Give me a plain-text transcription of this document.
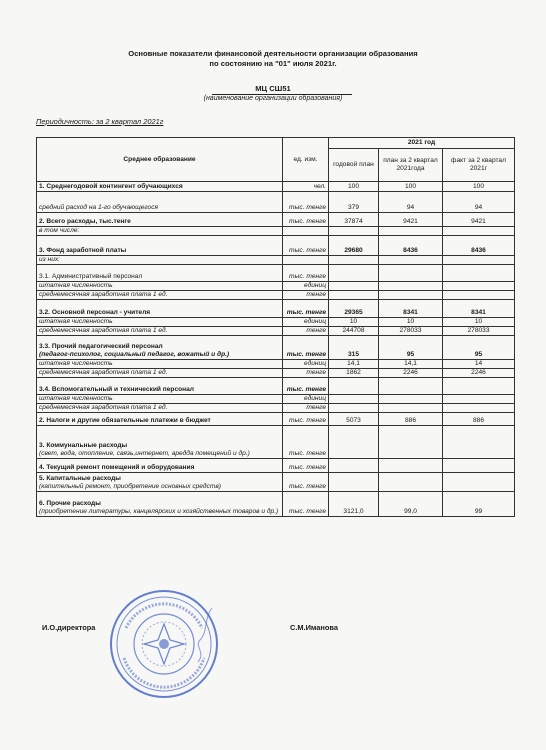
Основные показатели финансовой деятельности организации образования
по состоянию на "01" июля 2021г.
МЦ СШ51
(наименование организации образования)
Периодичность: за 2 квартал 2021г
Среднее образование	ед. изм.	2021 год		
		годовой план	план за 2 квартал 2021года	факт за 2 квартал 2021г
1. Среднегодовой контингент обучающихся	чел.	100	100	100
средний расход на 1-го обучающегося	тыс. тенге	379	94	94
2. Всего расходы, тыс.тенге	тыс. тенге	37874	9421	9421
в том числе:				
3. Фонд заработной платы	тыс. тенге	29680	8436	8436
из них:				
3.1. Административный персонал	тыс. тенге			
штатная численность	единиц			
среднемесячная заработная плата 1 ед.	тенге			
3.2. Основной персонал - учителя	тыс. тенге	29365	8341	8341
штатная численность	единиц	10	10	10
среднемесячная заработная плата 1 ед.	тенге	244708	278033	278033
3.3. Прочий педагогический персонал
(педагог-психолог, социальный педагог, вожатый и др.)	тыс. тенге	315	95	95
штатная численность	единиц	14,1	14,1	14
среднемесячная заработная плата 1 ед.	тенге	1862	2246	2246
3.4. Вспомогательный и технический персонал	тыс. тенге			
штатная численность	единиц			
среднемесячная заработная плата 1 ед.	тенге			
2. Налоги и другие обязательные платежи в бюджет	тыс. тенге	5073	886	886
3. Коммунальные расходы
(свет, вода, отопление, связь,интернет, аредда помещений и др.)	тыс. тенге			
4. Текущий ремонт помещений и оборудования	тыс. тенге			
5. Капитальные расходы
(капительный ремонт, приобретение основных средств)	тыс. тенге			
6. Прочие расходы
(приобретение литературы, канцелярских и хозяйственных товаров и др.)	тыс. тенге	3121,0	99,0	99
И.О.директора	С.М.Иманова
